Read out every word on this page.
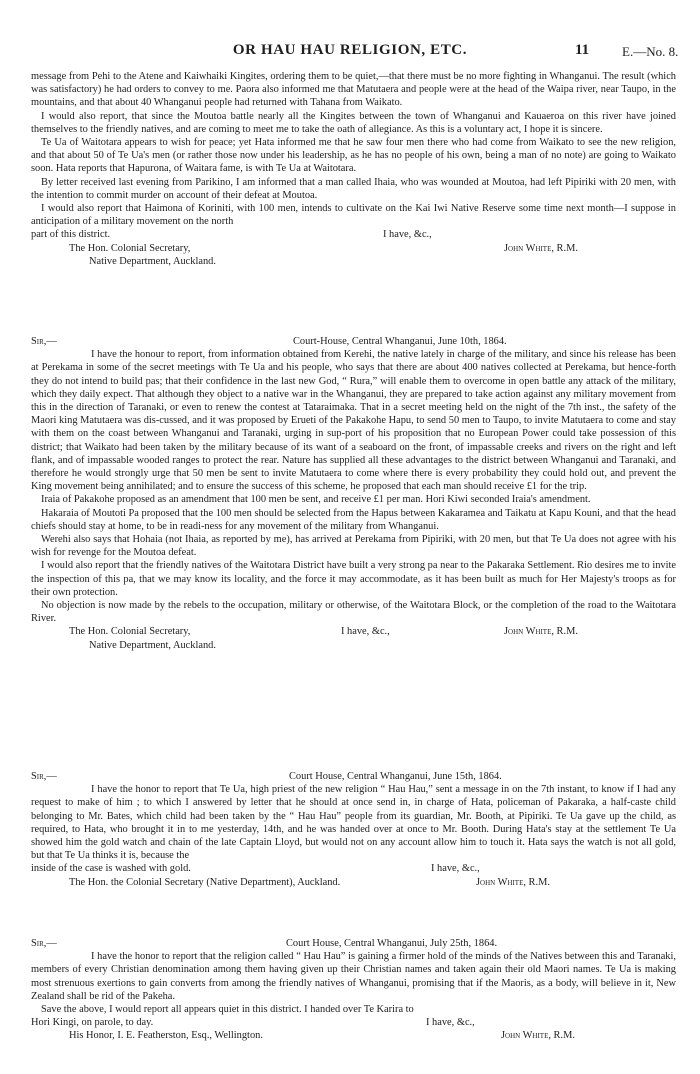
OR HAU HAU RELIGION, ETC.	11	E.—No. 8.

message from Pehi to the Atene and Kaiwhaiki Kingites, ordering them to be quiet,—that there must be no more fighting in Whanganui. The result (which was satisfactory) he had orders to convey to me. Paora also informed me that Matutaera and people were at the head of the Waipa river, near Taupo, in the mountains, and that about 40 Whanganui people had returned with Tahana from Waikato.

I would also report, that since the Moutoa battle nearly all the Kingites between the town of Whanganui and Kauaeroa on this river have joined themselves to the friendly natives, and are coming to meet me to take the oath of allegiance. As this is a voluntary act, I hope it is sincere.

Te Ua of Waitotara appears to wish for peace; yet Hata informed me that he saw four men there who had come from Waikato to see the new religion, and that about 50 of Te Ua's men (or rather those now under his leadership, as he has no people of his own, being a man of no note) are going to Waikato soon. Hata reports that Hapurona, of Waitara fame, is with Te Ua at Waitotara.

By letter received last evening from Parikino, I am informed that a man called Ihaia, who was wounded at Moutoa, had left Pipiriki with 20 men, with the intention to commit murder on account of their defeat at Moutoa.

I would also report that Haimona of Koriniti, with 100 men, intends to cultivate on the Kai Iwi Native Reserve some time next month—I suppose in anticipation of a military movement on the north

part of this district.	I have, &c.,
The Hon. Colonial Secretary,	John White, R.M.
Native Department, Auckland.
Sir,—	Court-House, Central Whanganui, June 10th, 1864.

I have the honour to report, from information obtained from Kerehi, the native lately in charge of the military, and since his release has been at Perekama in some of the secret meetings with Te Ua and his people, who says that there are about 400 natives collected at Perekama, but hence-forth they do not intend to build pas; that their confidence in the last new God, “ Rura,” will enable them to overcome in open battle any attack of the military, which they daily expect. That although they object to a native war in the Whanganui, they are prepared to take action against any military movement from this in the direction of Taranaki, or even to renew the contest at Tataraimaka. That in a secret meeting held on the night of the 7th inst., the safety of the Maori king Matutaera was dis-cussed, and it was proposed by Erueti of the Pakakohe Hapu, to send 50 men to Taupo, to invite Matutaera to come and stay with them on the coast between Whanganui and Taranaki, urging in sup-port of his proposition that no European Power could take possession of this district; that Waikato had been taken by the military because of its want of a seaboard on the front, of impassable creeks and rivers on the right and left flank, and of impassable wooded ranges to protect the rear. Nature has supplied all these advantages to the district between Whanganui and Taranaki, and therefore he would strongly urge that 50 men be sent to invite Matutaera to come where there is every probability they could hold out, and prevent the King movement being annihilated; and to ensure the success of this scheme, he proposed that each man should receive £1 for the trip.

Iraia of Pakakohe proposed as an amendment that 100 men be sent, and receive £1 per man. Hori Kiwi seconded Iraia's amendment.

Hakaraia of Moutoti Pa proposed that the 100 men should be selected from the Hapus between Kakaramea and Taikatu at Kapu Kouni, and that the head chiefs should stay at home, to be in readi-ness for any movement of the military from Whanganui.

Werehi also says that Hohaia (not Ihaia, as reported by me), has arrived at Perekama from Pipiriki, with 20 men, but that Te Ua does not agree with his wish for revenge for the Moutoa defeat.

I would also report that the friendly natives of the Waitotara District have built a very strong pa near to the Pakaraka Settlement. Rio desires me to invite the inspection of this pa, that we may know its locality, and the force it may accommodate, as it has been built as much for Her Majesty's troops as for their own protection.

No objection is now made by the rebels to the occupation, military or otherwise, of the Waitotara Block, or the completion of the road to the Waitotara River.

The Hon. Colonial Secretary,	I have, &c.,	John White, R.M.
Native Department, Auckland.
Sir,—	Court House, Central Whanganui, June 15th, 1864.

I have the honor to report that Te Ua, high priest of the new religion “ Hau Hau,” sent a message in on the 7th instant, to know if I had any request to make of him ; to which I answered by letter that he should at once send in, in charge of Hata, policeman of Pakaraka, a half-caste child belonging to Mr. Bates, which child had been taken by the “ Hau Hau” people from its guardian, Mr. Booth, at Pipiriki. Te Ua gave up the child, as required, to Hata, who brought it in to me yesterday, 14th, and he was handed over at once to Mr. Booth. During Hata's stay at the settlement Te Ua showed him the gold watch and chain of the late Captain Lloyd, but would not on any account allow him to touch it. Hata says the watch is not all gold, but that Te Ua thinks it is, because the

inside of the case is washed with gold.	I have, &c.,
The Hon. the Colonial Secretary (Native Department), Auckland.	John White, R.M.
Sir,—	Court House, Central Whanganui, July 25th, 1864.

I have the honor to report that the religion called “ Hau Hau” is gaining a firmer hold of the minds of the Natives between this and Taranaki, members of every Christian denomination among them having given up their Christian names and taken again their old Maori names. Te Ua is making most strenuous exertions to gain converts from among the friendly natives of Whanganui, promising that if the Maoris, as a body, will believe in it, New Zealand shall be rid of the Pakeha.

Save the above, I would report all appears quiet in this district. I handed over Te Karira to

Hori Kingi, on parole, to day.	I have, &c.,
His Honor, I. E. Featherston, Esq., Wellington.	John White, R.M.
